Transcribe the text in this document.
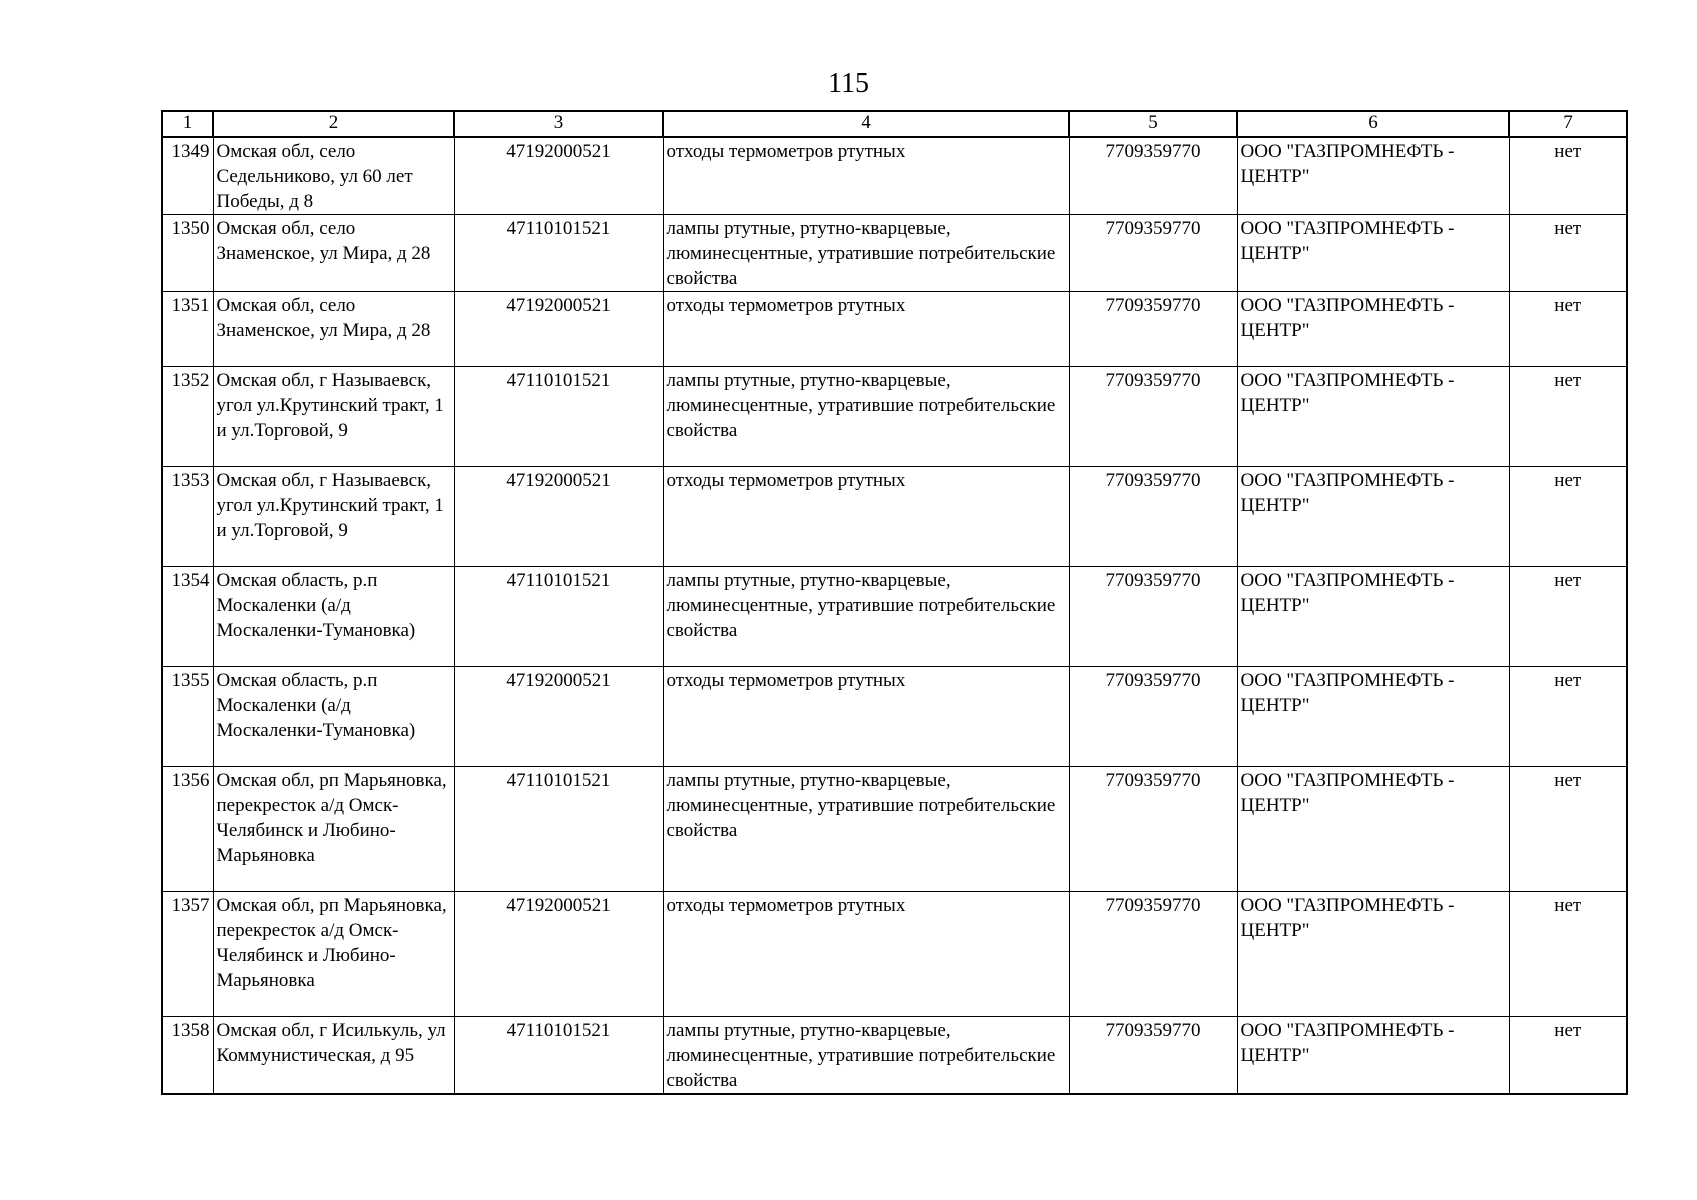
115
1	2	3	4	5	6	7
1349	Омская обл, село Седельниково, ул 60 лет Победы, д 8	47192000521	отходы термометров ртутных	7709359770	ООО "ГАЗПРОМНЕФТЬ - ЦЕНТР"	нет
1350	Омская обл, село Знаменское, ул Мира, д 28	47110101521	лампы ртутные, ртутно-кварцевые, люминесцентные, утратившие потребительские свойства	7709359770	ООО "ГАЗПРОМНЕФТЬ - ЦЕНТР"	нет
1351	Омская обл, село Знаменское, ул Мира, д 28	47192000521	отходы термометров ртутных	7709359770	ООО "ГАЗПРОМНЕФТЬ - ЦЕНТР"	нет
1352	Омская обл, г Называевск, угол ул.Крутинский тракт, 1 и ул.Торговой, 9	47110101521	лампы ртутные, ртутно-кварцевые, люминесцентные, утратившие потребительские свойства	7709359770	ООО "ГАЗПРОМНЕФТЬ - ЦЕНТР"	нет
1353	Омская обл, г Называевск, угол ул.Крутинский тракт, 1 и ул.Торговой, 9	47192000521	отходы термометров ртутных	7709359770	ООО "ГАЗПРОМНЕФТЬ - ЦЕНТР"	нет
1354	Омская область, р.п Москаленки (а/д Москаленки-Тумановка)	47110101521	лампы ртутные, ртутно-кварцевые, люминесцентные, утратившие потребительские свойства	7709359770	ООО "ГАЗПРОМНЕФТЬ - ЦЕНТР"	нет
1355	Омская область, р.п Москаленки (а/д Москаленки-Тумановка)	47192000521	отходы термометров ртутных	7709359770	ООО "ГАЗПРОМНЕФТЬ - ЦЕНТР"	нет
1356	Омская обл, рп Марьяновка, перекресток а/д Омск-Челябинск и Любино-Марьяновка	47110101521	лампы ртутные, ртутно-кварцевые, люминесцентные, утратившие потребительские свойства	7709359770	ООО "ГАЗПРОМНЕФТЬ - ЦЕНТР"	нет
1357	Омская обл, рп Марьяновка, перекресток а/д Омск-Челябинск и Любино-Марьяновка	47192000521	отходы термометров ртутных	7709359770	ООО "ГАЗПРОМНЕФТЬ - ЦЕНТР"	нет
1358	Омская обл, г Исилькуль, ул Коммунистическая, д 95	47110101521	лампы ртутные, ртутно-кварцевые, люминесцентные, утратившие потребительские свойства	7709359770	ООО "ГАЗПРОМНЕФТЬ - ЦЕНТР"	нет
